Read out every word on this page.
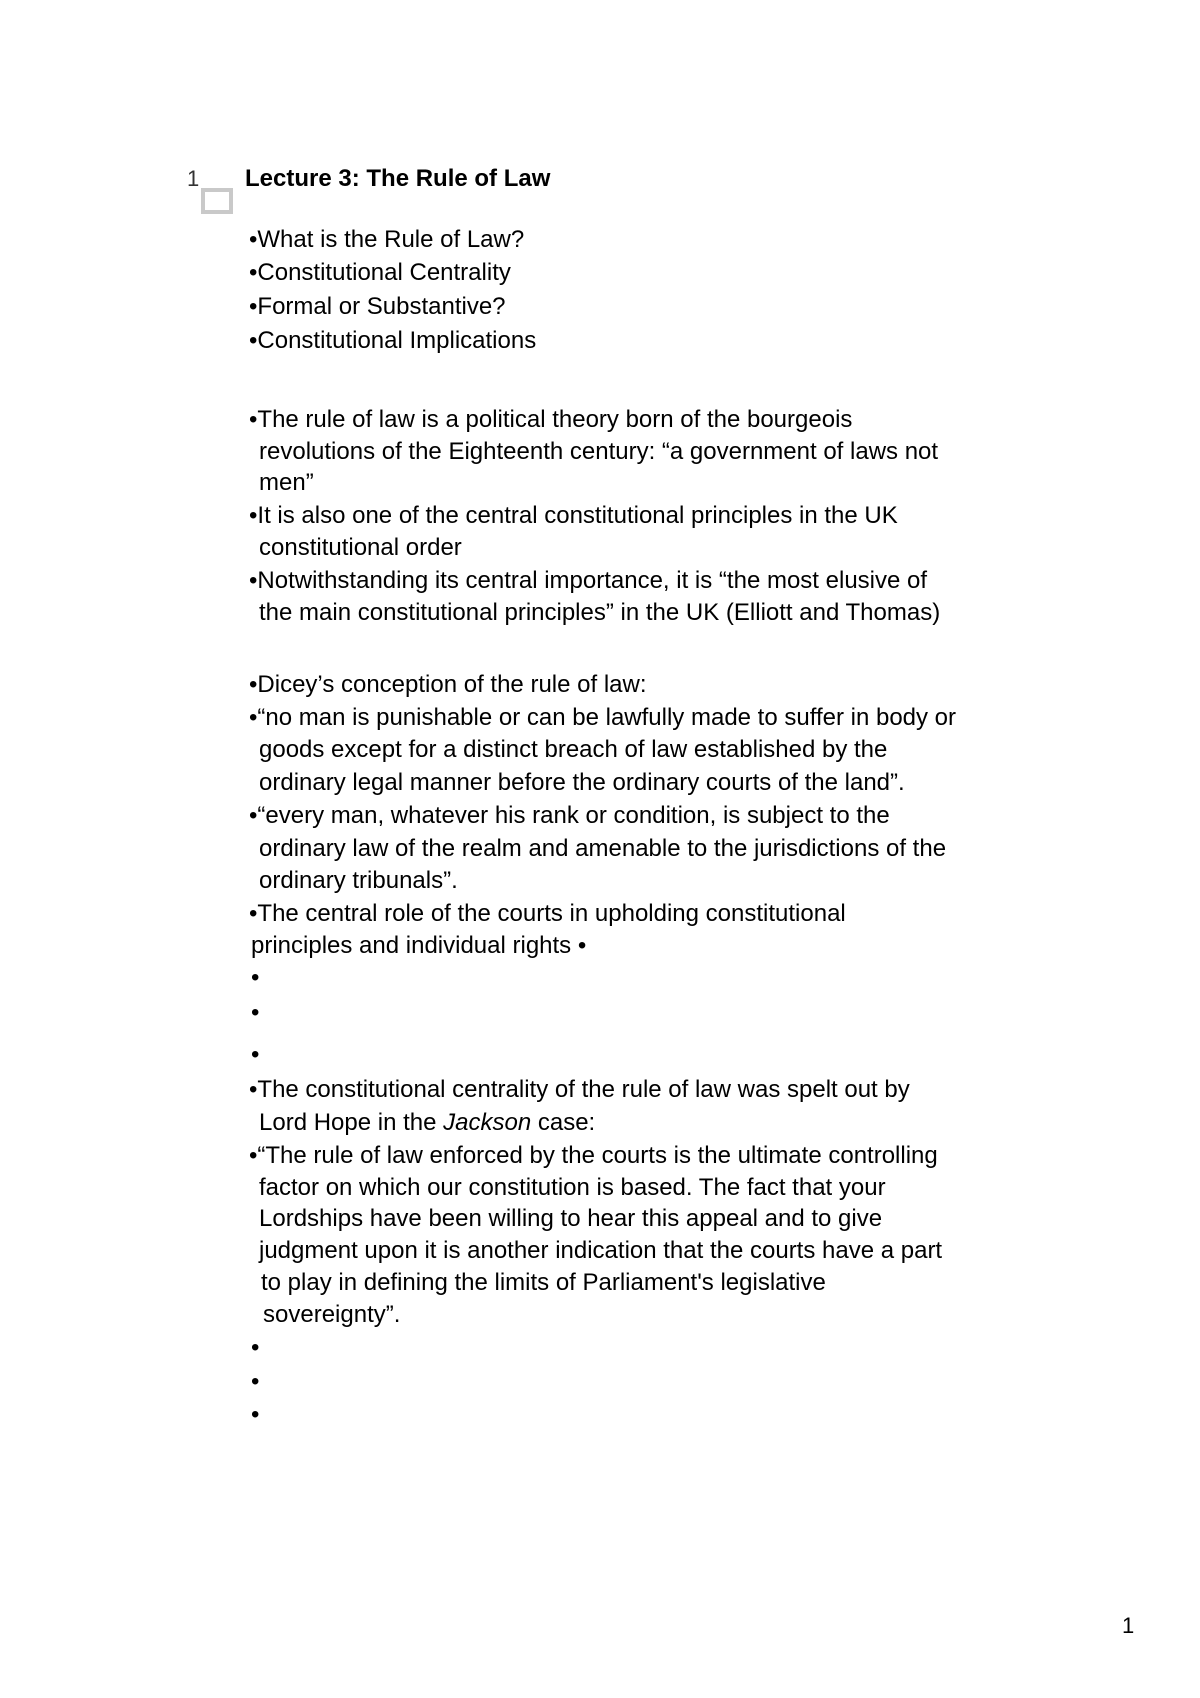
1 Lecture 3: The Rule of Law
•What is the Rule of Law?
•Constitutional Centrality
•Formal or Substantive?
•Constitutional Implications
•The rule of law is a political theory born of the bourgeois
revolutions of the Eighteenth century: “a government of laws not
men”
•It is also one of the central constitutional principles in the UK
constitutional order
•Notwithstanding its central importance, it is “the most elusive of
the main constitutional principles” in the UK (Elliott and Thomas)
•Dicey’s conception of the rule of law:
•“no man is punishable or can be lawfully made to suffer in body or
goods except for a distinct breach of law established by the
ordinary legal manner before the ordinary courts of the land”.
•“every man, whatever his rank or condition, is subject to the
ordinary law of the realm and amenable to the jurisdictions of the
ordinary tribunals”.
•The central role of the courts in upholding constitutional
principles and individual rights •
•
•
•
•The constitutional centrality of the rule of law was spelt out by
Lord Hope in the Jackson case:
•“The rule of law enforced by the courts is the ultimate controlling
factor on which our constitution is based. The fact that your
Lordships have been willing to hear this appeal and to give
judgment upon it is another indication that the courts have a part
to play in defining the limits of Parliament's legislative
sovereignty”.
•
•
•
1
